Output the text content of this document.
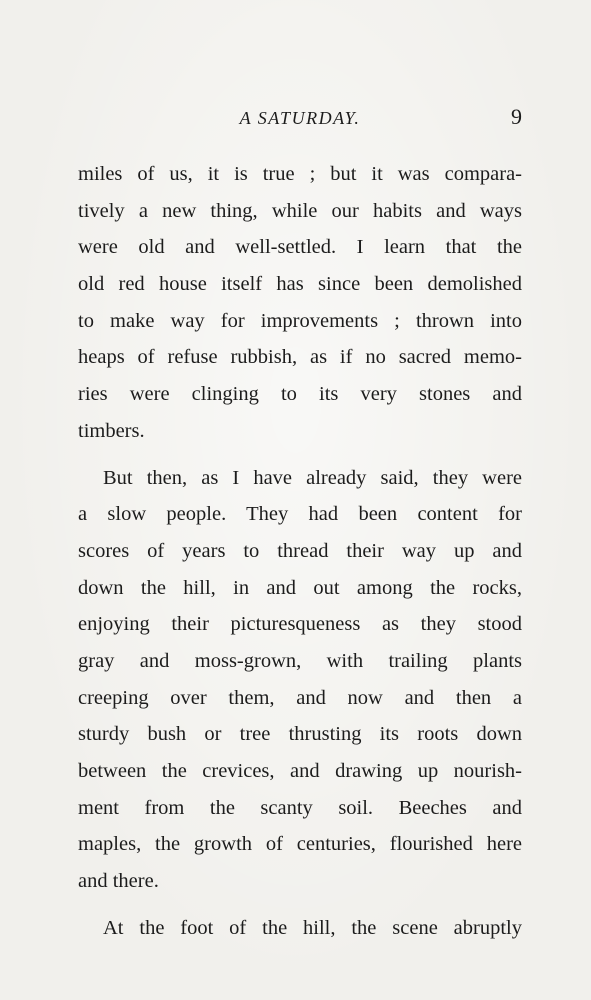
A SATURDAY.	9
miles of us, it is true ; but it was compara-
tively a new thing, while our habits and ways
were old and well-settled. I learn that the
old red house itself has since been demolished
to make way for improvements ; thrown into
heaps of refuse rubbish, as if no sacred memo-
ries were clinging to its very stones and
timbers.
But then, as I have already said, they were
a slow people. They had been content for
scores of years to thread their way up and
down the hill, in and out among the rocks,
enjoying their picturesqueness as they stood
gray and moss-grown, with trailing plants
creeping over them, and now and then a
sturdy bush or tree thrusting its roots down
between the crevices, and drawing up nourish-
ment from the scanty soil. Beeches and
maples, the growth of centuries, flourished here
and there.
At the foot of the hill, the scene abruptly
